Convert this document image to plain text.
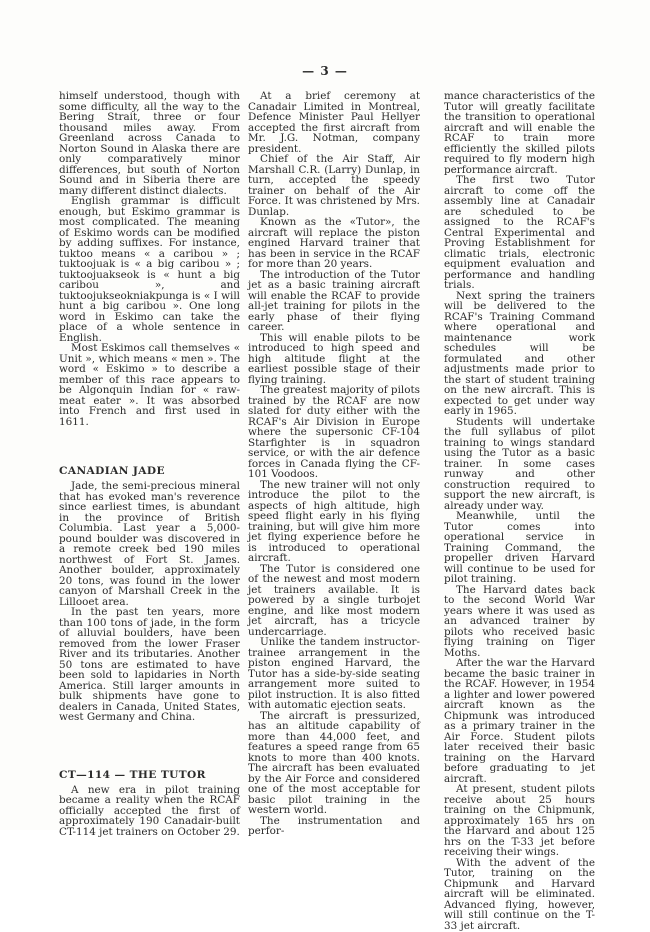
— 3 —

himself understood, though with some difficulty, all the way to the Bering Strait, three or four thousand miles away. From Greenland across Canada to Norton Sound in Alaska there are only comparatively minor differences, but south of Norton Sound and in Siberia there are many different distinct dialects.

English grammar is difficult enough, but Eskimo grammar is most complicated. The meaning of Eskimo words can be modified by adding suffixes. For instance, tuktoo means « a caribou » ; tuktoojuak is « a big caribou » ; tuktoojuakseok is « hunt a big caribou », and tuktoojukseokniakpunga is « I will hunt a big caribou ». One long word in Eskimo can take the place of a whole sentence in English.

Most Eskimos call themselves « Unit », which means « men ». The word « Eskimo » to describe a member of this race appears to be Algonquin Indian for « raw-meat eater ». It was absorbed into French and first used in 1611.

CANADIAN JADE

Jade, the semi-precious mineral that has evoked man's reverence since earliest times, is abundant in the province of British Columbia. Last year a 5,000-pound boulder was discovered in a remote creek bed 190 miles northwest of Fort St. James. Another boulder, approximately 20 tons, was found in the lower canyon of Marshall Creek in the Lillooet area.

In the past ten years, more than 100 tons of jade, in the form of alluvial boulders, have been removed from the lower Fraser River and its tributaries. Another 50 tons are estimated to have been sold to lapidaries in North America. Still larger amounts in bulk shipments have gone to dealers in Canada, United States, west Germany and China.

CT—114 — THE TUTOR

A new era in pilot training became a reality when the RCAF officially accepted the first of approximately 190 Canadair-built CT-114 jet trainers on October 29.

At a brief ceremony at Canadair Limited in Montreal, Defence Minister Paul Hellyer accepted the first aircraft from Mr. J.G. Notman, company president.

Chief of the Air Staff, Air Marshall C.R. (Larry) Dunlap, in turn, accepted the speedy trainer on behalf of the Air Force. It was christened by Mrs. Dunlap.

Known as the «Tutor», the aircraft will replace the piston engined Harvard trainer that has been in service in the RCAF for more than 20 years.

The introduction of the Tutor jet as a basic training aircraft will enable the RCAF to provide all-jet training for pilots in the early phase of their flying career.

This will enable pilots to be introduced to high speed and high altitude flight at the earliest possible stage of their flying training.

The greatest majority of pilots trained by the RCAF are now slated for duty either with the RCAF's Air Division in Europe where the supersonic CF-104 Starfighter is in squadron service, or with the air defence forces in Canada flying the CF-101 Voodoos.

The new trainer will not only introduce the pilot to the aspects of high altitude, high speed flight early in his flying training, but will give him more jet flying experience before he is introduced to operational aircraft.

The Tutor is considered one of the newest and most modern jet trainers available. It is powered by a single turbojet engine, and like most modern jet aircraft, has a tricycle undercarriage.

Unlike the tandem instructor-trainee arrangement in the piston engined Harvard, the Tutor has a side-by-side seating arrangement more suited to pilot instruction. It is also fitted with automatic ejection seats.

The aircraft is pressurized, has an altitude capability of more than 44,000 feet, and features a speed range from 65 knots to more than 400 knots. The aircraft has been evaluated by the Air Force and considered one of the most acceptable for basic pilot training in the western world.

The instrumentation and perfor-

mance characteristics of the Tutor will greatly facilitate the transition to operational aircraft and will enable the RCAF to train more efficiently the skilled pilots required to fly modern high performance aircraft.

The first two Tutor aircraft to come off the assembly line at Canadair are scheduled to be assigned to the RCAF's Central Experimental and Proving Establishment for climatic trials, electronic equipment evaluation and performance and handling trials.

Next spring the trainers will be delivered to the RCAF's Training Command where operational and maintenance work schedules will be formulated and other adjustments made prior to the start of student training on the new aircraft. This is expected to get under way early in 1965.

Students will undertake the full syllabus of pilot training to wings standard using the Tutor as a basic trainer. In some cases runway and other construction required to support the new aircraft, is already under way.

Meanwhile, until the Tutor comes into operational service in Training Command, the propeller driven Harvard will continue to be used for pilot training.

The Harvard dates back to the second World War years where it was used as an advanced trainer by pilots who received basic flying training on Tiger Moths.

After the war the Harvard became the basic trainer in the RCAF. However, in 1954 a lighter and lower powered aircraft known as the Chipmunk was introduced as a primary trainer in the Air Force. Student pilots later received their basic training on the Harvard before graduating to jet aircraft.

At present, student pilots receive about 25 hours training on the Chipmunk, approximately 165 hrs on the Harvard and about 125 hrs on the T-33 jet before receiving their wings.

With the advent of the Tutor, training on the Chipmunk and Harvard aircraft will be eliminated. Advanced flying, however, will still continue on the T-33 jet aircraft.
